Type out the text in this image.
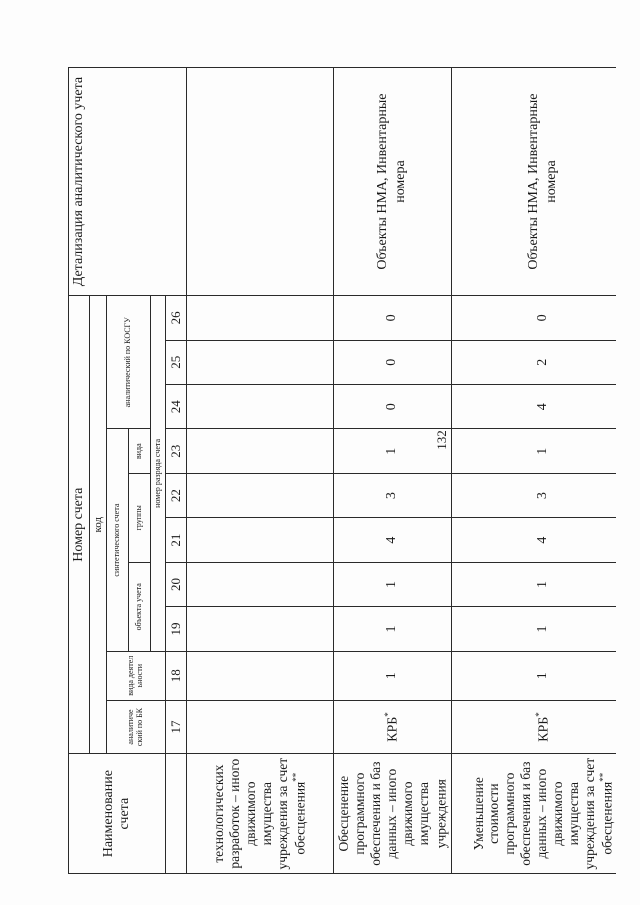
132
Наименование счета	Номер счета										Детализация аналитического учета
	код										
	аналитиче ский по БК	вида деятел ьности	синтетического счета					аналитический по КОСГУ			
			объекта учета		группы		вида				
			номер разряда счета								
	17	18	19	20	21	22	23	24	25	26	
технологических разработок – иного движимого имущества учреждения за счет обесценения**											
Обесценение программного обеспечения и баз данных – иного движимого имущества учреждения	КРБ*	1	1	1	4	3	1	0	0	0	Объекты НМА, Инвентарные номера
Уменьшение стоимости программного обеспечения и баз данных – иного движимого имущества учреждения за счет обесценения**	КРБ*	1	1	1	4	3	1	4	2	0	Объекты НМА, Инвентарные номера
